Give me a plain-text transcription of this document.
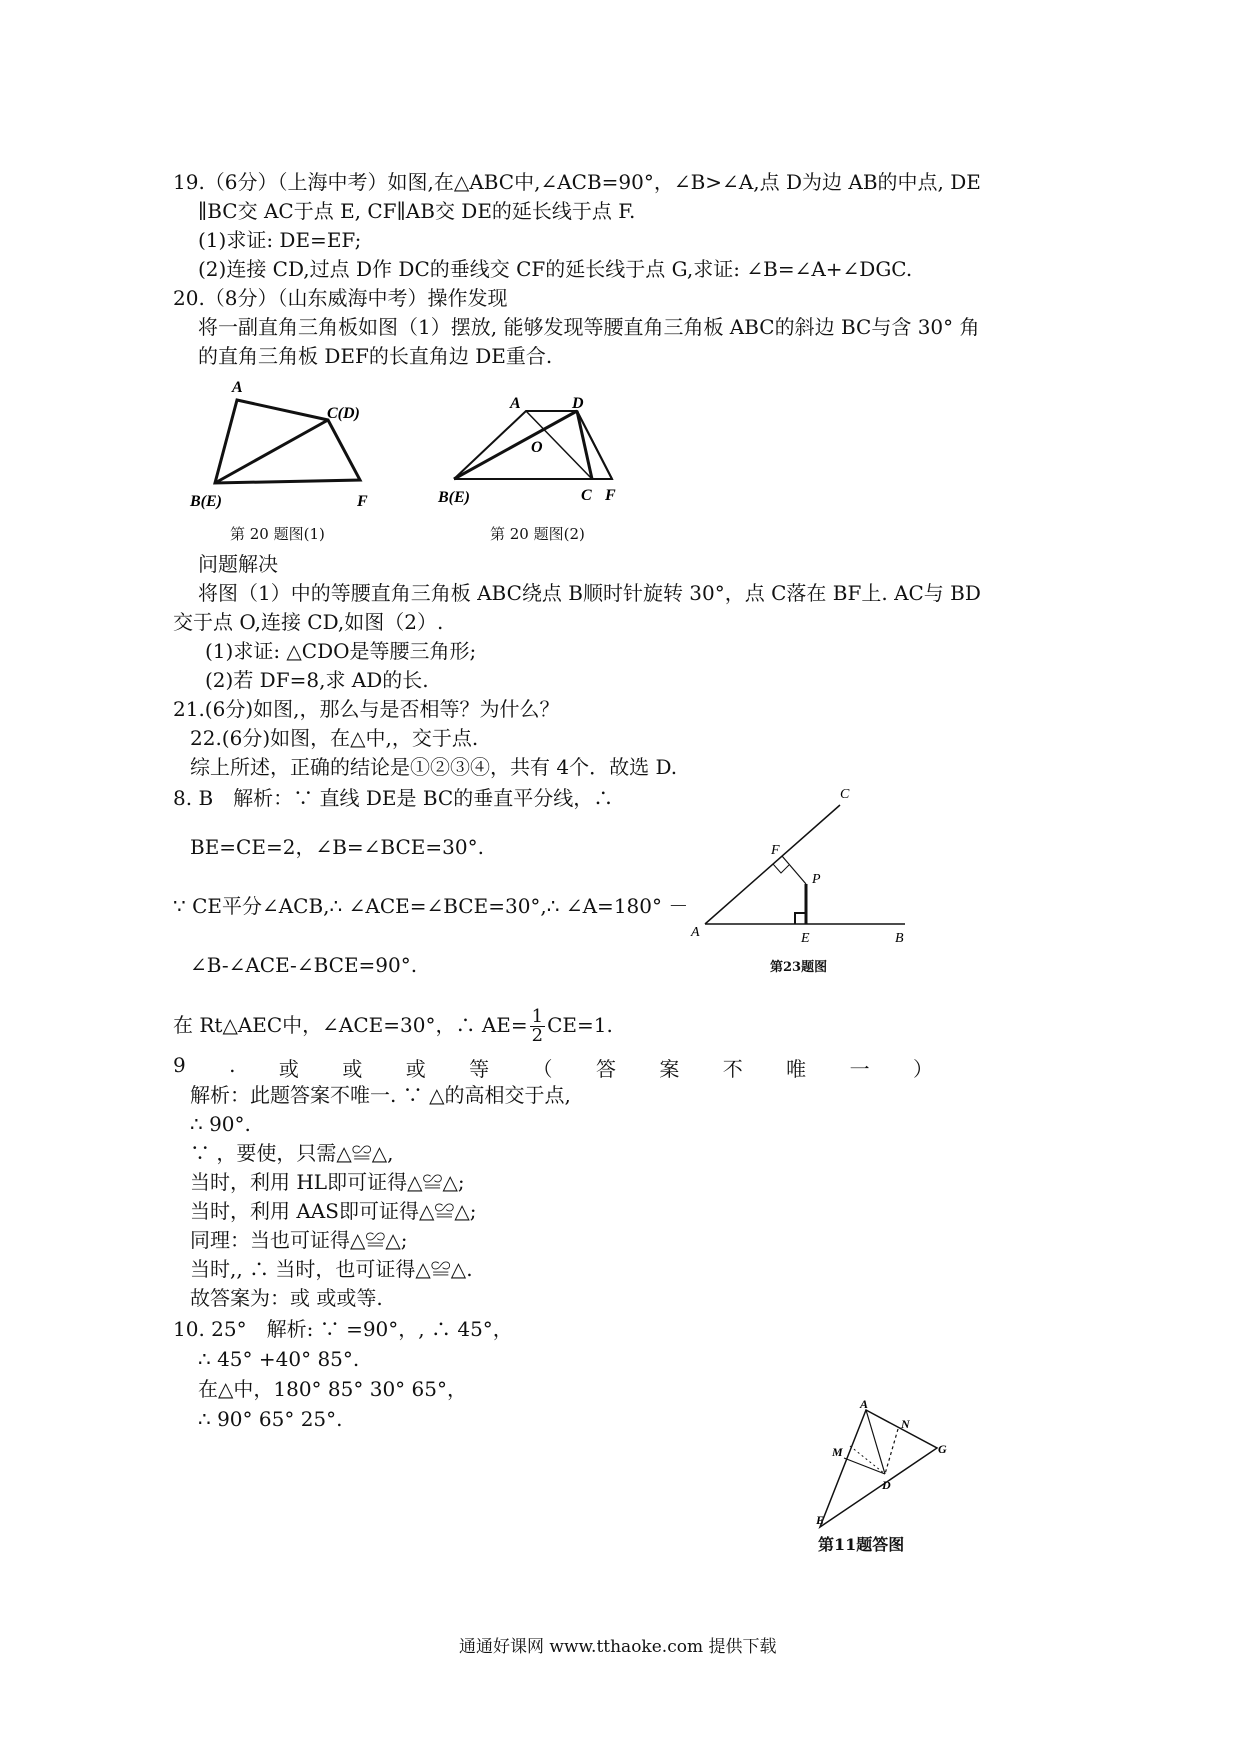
19.（6分）（上海中考）如图,在△ABC中,∠ACB=90°，∠B>∠A,点 D为边 AB的中点, DE
∥BC交 AC于点 E, CF∥AB交 DE的延长线于点 F.
(1)求证: DE=EF;
(2)连接 CD,过点 D作 DC的垂线交 CF的延长线于点 G,求证: ∠B=∠A+∠DGC.
20.（8分）（山东威海中考）操作发现
将一副直角三角板如图（1）摆放, 能够发现等腰直角三角板 ABC的斜边 BC与含 30° 角
的直角三角板 DEF的长直角边 DE重合.
A
C(D)
B(E)	F
第 20 题图(1)
A	D
O
B(E)	C F
第 20 题图(2)
问题解决
将图（1）中的等腰直角三角板 ABC绕点 B顺时针旋转 30°，点 C落在 BF上. AC与 BD
交于点 O,连接 CD,如图（2）.
(1)求证: △CDO是等腰三角形;
(2)若 DF=8,求 AD的长.
21.(6分)如图,，那么与是否相等？为什么？
22.(6分)如图，在△中,，交于点.
综上所述，正确的结论是①②③④，共有 4个．故选 D.
8. B　解析：∵ 直线 DE是 BC的垂直平分线，∴
BE=CE=2，∠B=∠BCE=30°.
∵ CE平分∠ACB,∴ ∠ACE=∠BCE=30°,∴ ∠A=180° －
∠B-∠ACE-∠BCE=90°.
在 Rt△AEC中，∠ACE=30°，∴ $AE= \frac{1}{2} CE=1$.
C
F
P
A	E	B
第23题图
9 . 或 或 或 等 （ 答 案 不 唯 一 ）
解析：此题答案不唯一. ∵ △的高相交于点,
∴ 90°.
∵ ，要使，只需△≌△,
当时，利用 HL即可证得△≌△;
当时，利用 AAS即可证得△≌△;
同理：当也可证得△≌△;
当时,, ∴ 当时，也可证得△≌△.
故答案为：或 或或等.
10. 25°　解析: ∵ =90°，, ∴ 45°，
∴ 45° +40° 85°.
在△中，180° 85° 30° 65°，
∴ 90° 65° 25°.
通通好课网 www.tthaoke.com 提供下载
A
N
M	G
D
E
第11题答图
